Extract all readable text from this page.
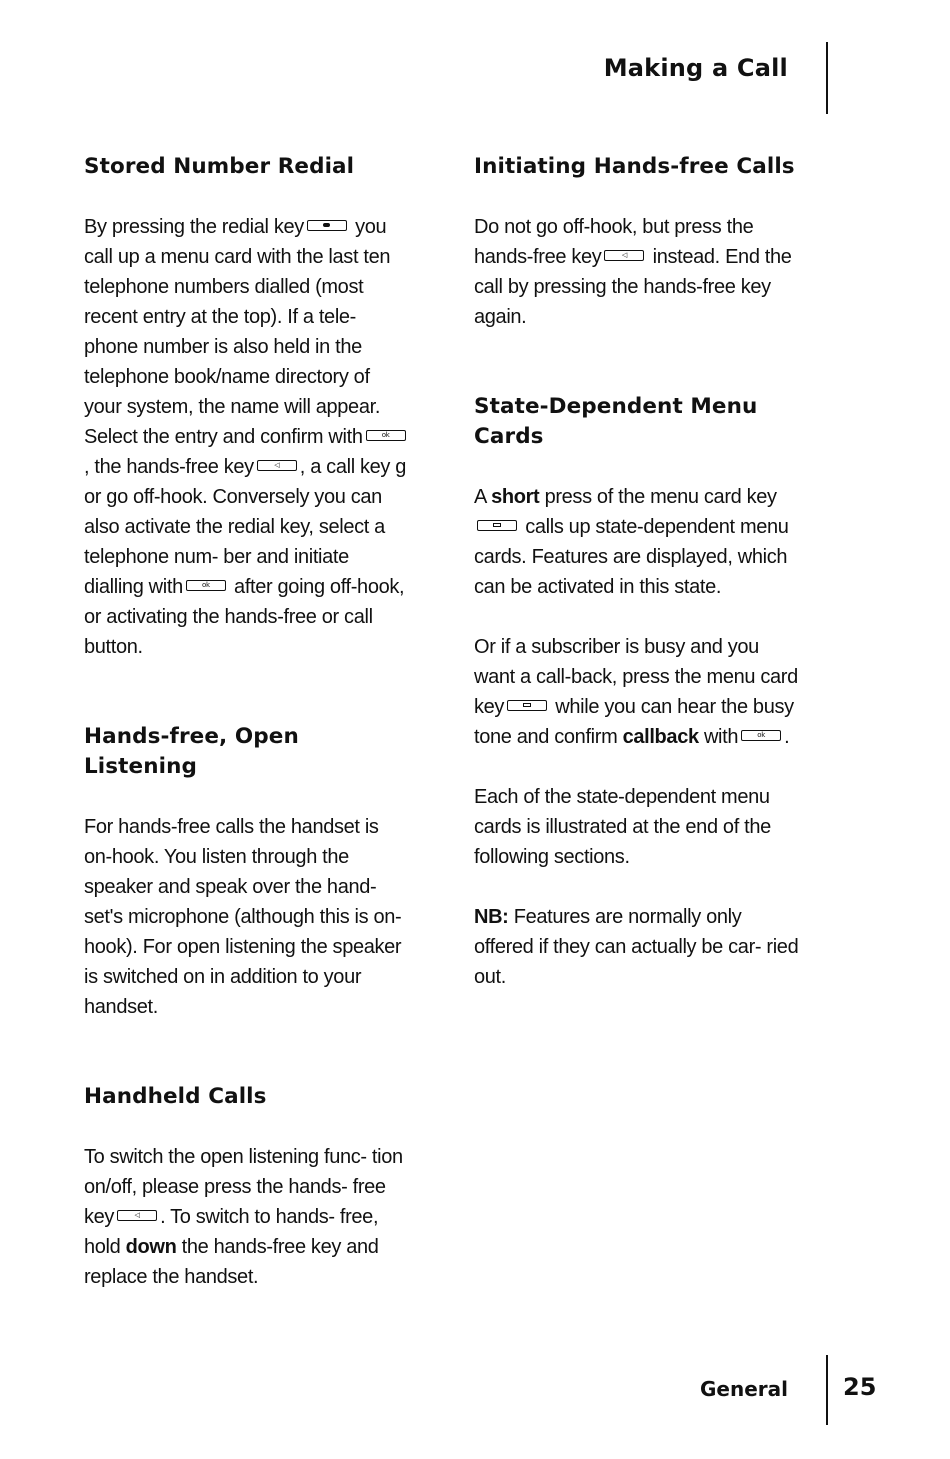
Making a Call
Stored Number Redial

By pressing the redial key you call up a menu card with the last ten telephone numbers dialled (most recent entry at the top). If a tele- phone number is also held in the telephone book/name directory of your system, the name will appear. Select the entry and confirm withok, the hands-free key ◁ , a call key g or go off-hook. Conversely you can also activate the redial key, select a telephone num- ber and initiate dialling withok after going off-hook, or activating the hands-free or call button.

Hands-free, Open Listening

For hands-free calls the handset is on-hook. You listen through the speaker and speak over the hand- set's microphone (although this is on-hook). For open listening the speaker is switched on in addition to your handset.

Handheld Calls

To switch the open listening func- tion on/off, please press the hands- free key ◁ . To switch to hands- free, hold down the hands-free key and replace the handset.

Initiating Hands-free Calls

Do not go off-hook, but press the hands-free key◁ instead. End the call by pressing the hands-free key again.

State-Dependent Menu Cards

A short press of the menu card key  calls up state-dependent menu cards. Features are displayed, which can be activated in this state.

Or if a subscriber is busy and you want a call-back, press the menu card key while you can hear the busy tone and confirm callback with ok .

Each of the state-dependent menu cards is illustrated at the end of the following sections.

NB: Features are normally only offered if they can actually be car- ried out.

General 25
